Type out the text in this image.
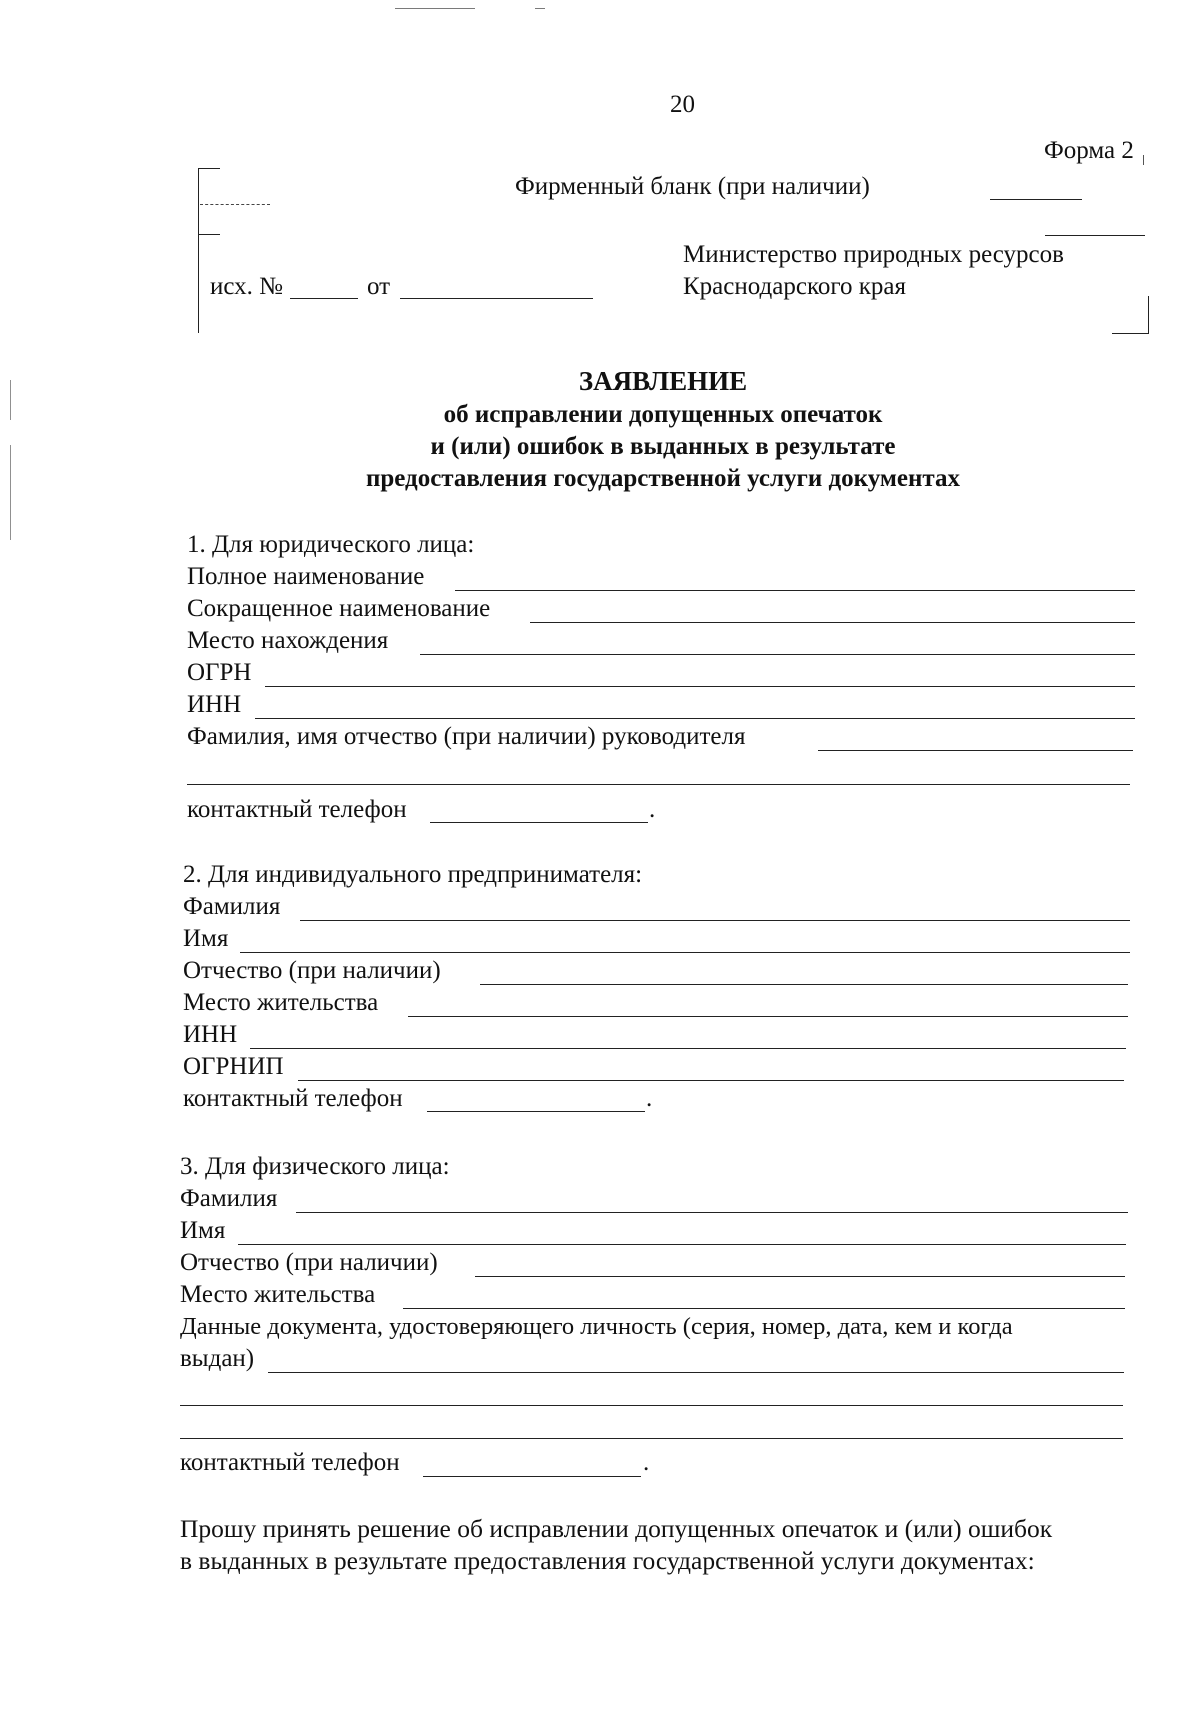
20
Форма 2
Фирменный бланк (при наличии)
Министерство природных ресурсов
Краснодарского края
исх. №	от
ЗАЯВЛЕНИЕ
об исправлении допущенных опечаток
и (или) ошибок в выданных в результате
предоставления государственной услуги документах
1. Для юридического лица:
Полное наименование
Сокращенное наименование
Место нахождения
ОГРН
ИНН
Фамилия, имя отчество (при наличии) руководителя
контактный телефон	.
2. Для индивидуального предпринимателя:
Фамилия
Имя
Отчество (при наличии)
Место жительства
ИНН
ОГРНИП
контактный телефон	.
3. Для физического лица:
Фамилия
Имя
Отчество (при наличии)
Место жительства
Данные документа, удостоверяющего личность (серия, номер, дата, кем и когда
выдан)
контактный телефон	.
Прошу принять решение об исправлении допущенных опечаток и (или) ошибок
в выданных в результате предоставления государственной услуги документах:
